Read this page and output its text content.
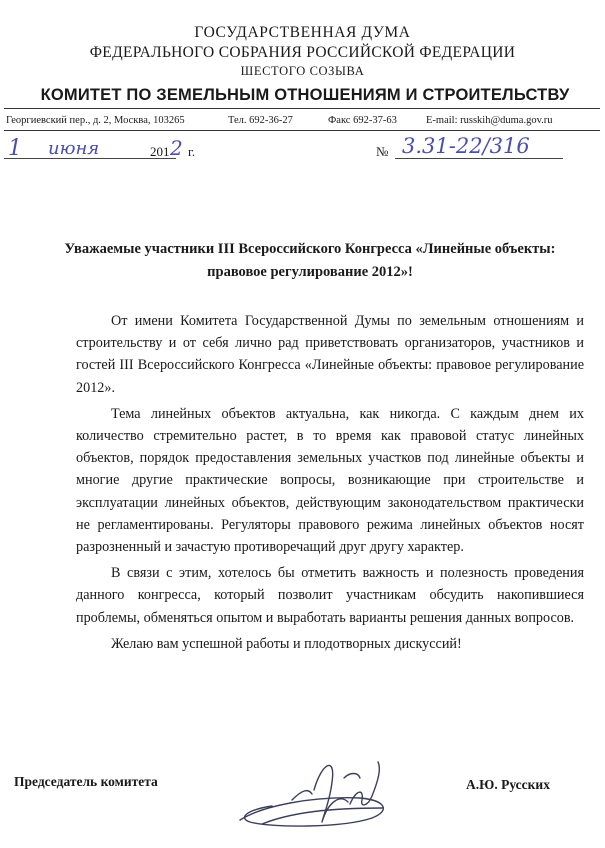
ГОСУДАРСТВЕННАЯ ДУМА
ФЕДЕРАЛЬНОГО СОБРАНИЯ РОССИЙСКОЙ ФЕДЕРАЦИИ
ШЕСТОГО СОЗЫВА
КОМИТЕТ ПО ЗЕМЕЛЬНЫМ ОТНОШЕНИЯМ И СТРОИТЕЛЬСТВУ
Георгиевский пер., д. 2, Москва, 103265	Тел. 692-36-27	Факс 692-37-63	E-mail: russkih@duma.gov.ru
1 июня	201 2 г.	№ 3.31-22/316
Уважаемые участники III Всероссийского Конгресса «Линейные объекты: правовое регулирование 2012»!

От имени Комитета Государственной Думы по земельным отношениям и строительству и от себя лично рад приветствовать организаторов, участников и гостей III Всероссийского Конгресса «Линейные объекты: правовое регулирование 2012».

Тема линейных объектов актуальна, как никогда. С каждым днем их количество стремительно растет, в то время как правовой статус линейных объектов, порядок предоставления земельных участков под линейные объекты и многие другие практические вопросы, возникающие при строительстве и эксплуатации линейных объектов, действующим законодательством практически не регламентированы. Регуляторы правового режима линейных объектов носят разрозненный и зачастую противоречащий друг другу характер.

В связи с этим, хотелось бы отметить важность и полезность проведения данного конгресса, который позволит участникам обсудить накопившиеся проблемы, обменяться опытом и выработать варианты решения данных вопросов.

Желаю вам успешной работы и плодотворных дискуссий!

Председатель комитета	А.Ю. Русских
